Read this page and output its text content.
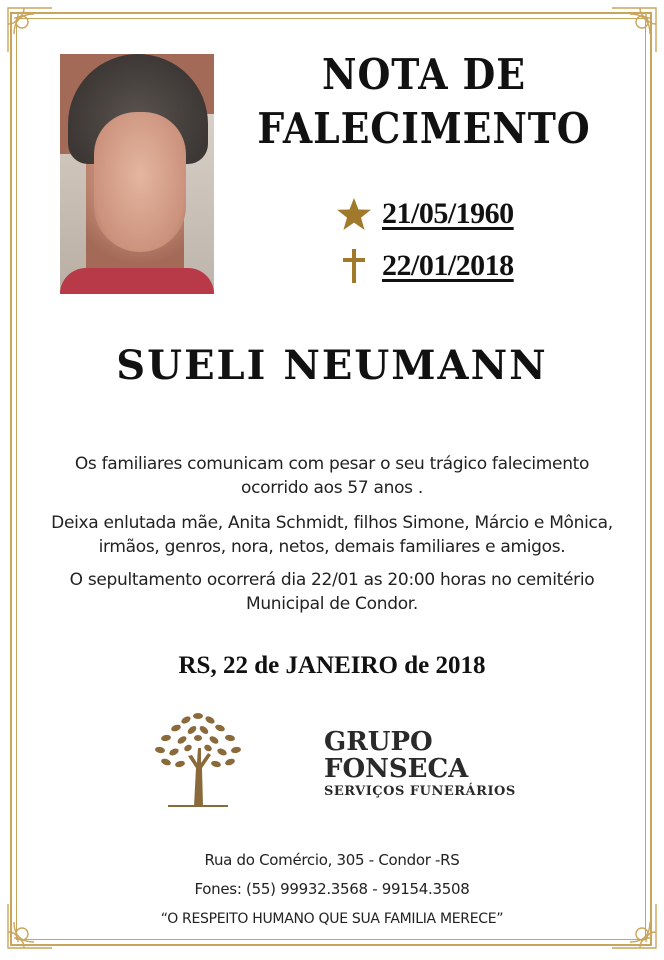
NOTA DE
FALECIMENTO
21/05/1960
22/01/2018
SUELI NEUMANN
Os familiares comunicam com pesar o seu trágico falecimento ocorrido aos 57 anos .
Deixa enlutada mãe, Anita Schmidt, filhos Simone, Márcio e Mônica, irmãos, genros, nora, netos, demais familiares e amigos.
O sepultamento ocorrerá dia 22/01 as 20:00 horas no cemitério Municipal de Condor.
RS, 22 de JANEIRO de 2018
GRUPO
FONSECA
SERVIÇOS FUNERÁRIOS
Rua do Comércio, 305 - Condor -RS
Fones: (55) 99932.3568 - 99154.3508
“O RESPEITO HUMANO QUE SUA FAMILIA MERECE”
